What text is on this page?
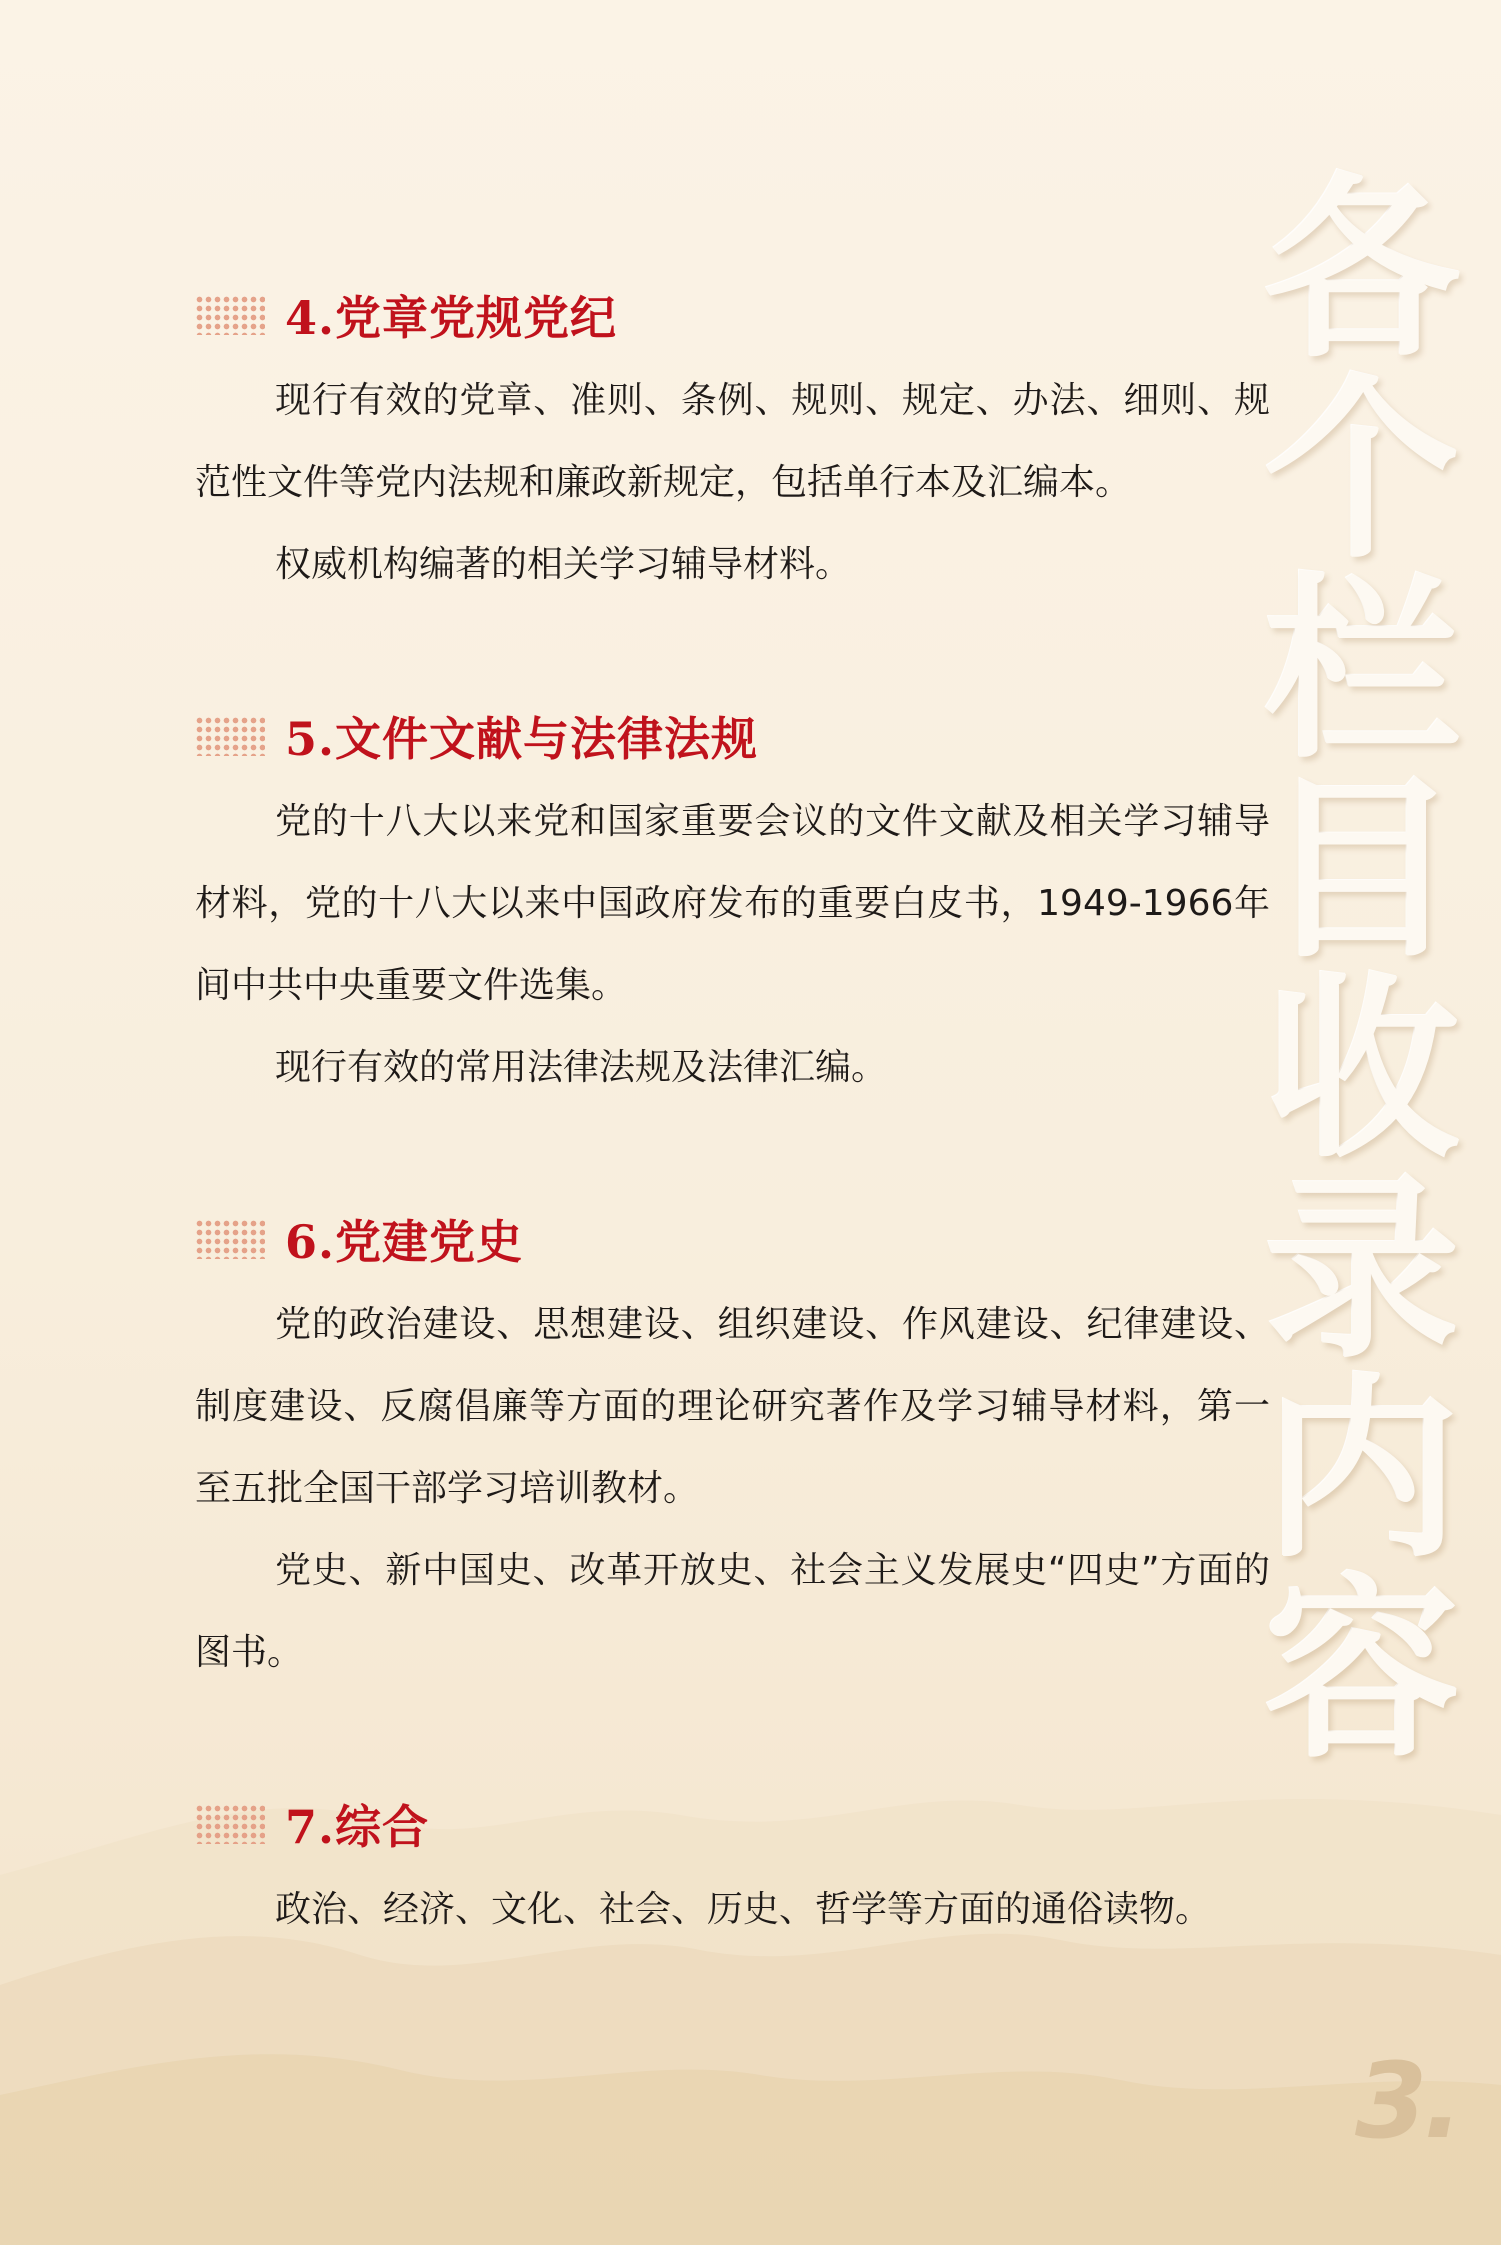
各
个
栏
目
收
录
内
容
4.党章党规党纪

现行有效的党章、准则、条例、规则、规定、办法、细则、规范性文件等党内法规和廉政新规定，包括单行本及汇编本。

权威机构编著的相关学习辅导材料。

5.文件文献与法律法规

党的十八大以来党和国家重要会议的文件文献及相关学习辅导材料，党的十八大以来中国政府发布的重要白皮书，1949-1966年间中共中央重要文件选集。

现行有效的常用法律法规及法律汇编。

6.党建党史

党的政治建设、思想建设、组织建设、作风建设、纪律建设、制度建设、反腐倡廉等方面的理论研究著作及学习辅导材料，第一至五批全国干部学习培训教材。

党史、新中国史、改革开放史、社会主义发展史“四史”方面的图书。

7.综合

政治、经济、文化、社会、历史、哲学等方面的通俗读物。

3.
